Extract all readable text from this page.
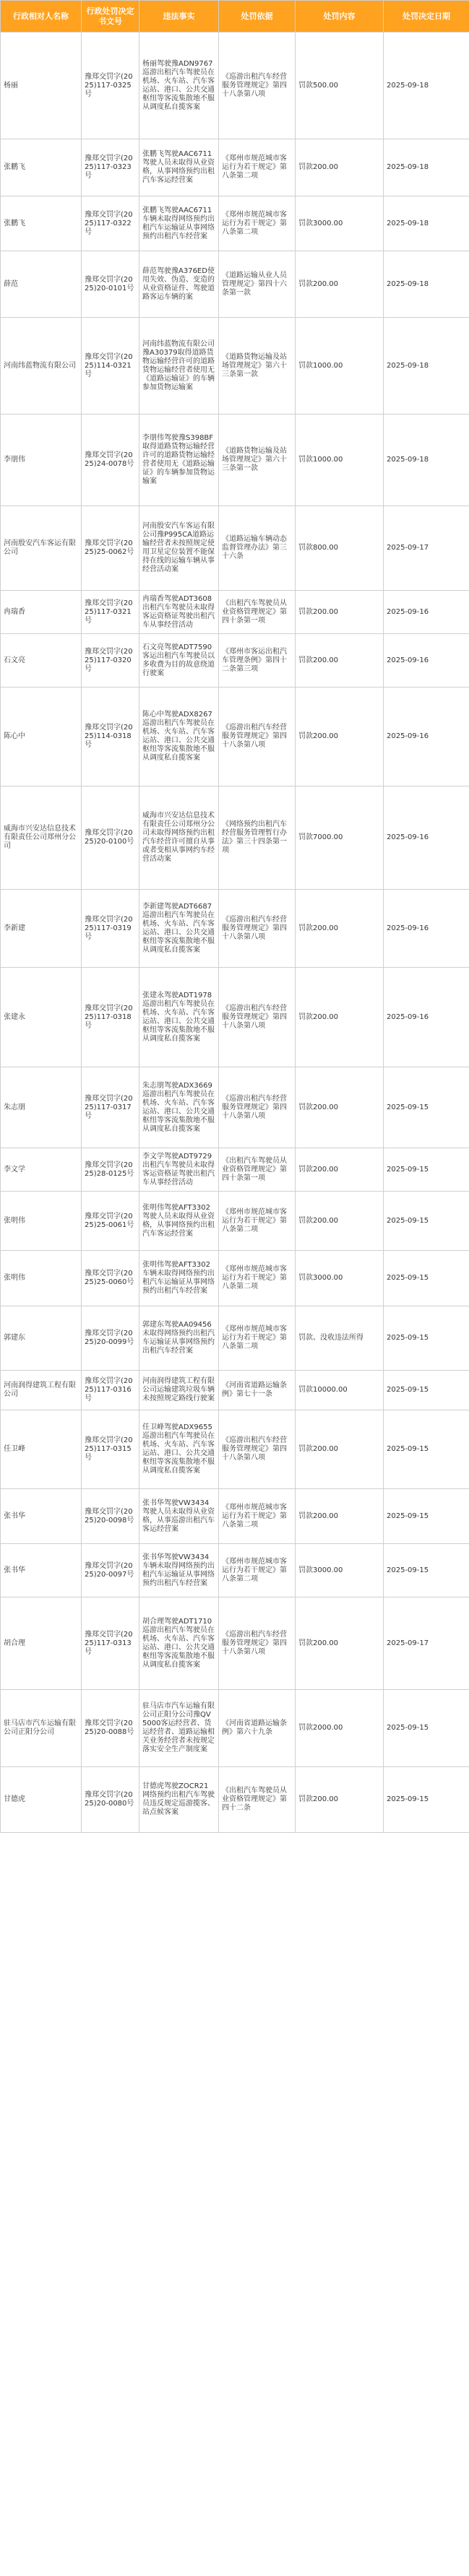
行政相对人名称	行政处罚决定书文号	违法事实	处罚依据	处罚内容	处罚决定日期
杨丽	豫郑交罚字(2025)117-0325号	杨丽驾驶豫ADN9767巡游出租汽车驾驶员在机场、火车站、汽车客运站、港口、公共交通枢纽等客流集散地不服从调度私自揽客案	《巡游出租汽车经营服务管理规定》第四十八条第八项	罚款500.00	2025-09-18
张鹏飞	豫郑交罚字(2025)117-0323号	张鹏飞驾驶AAC6711驾驶人员未取得从业资格，从事网络预约出租汽车客运经营案	《郑州市规范城市客运行为若干规定》第八条第二项	罚款200.00	2025-09-18
张鹏飞	豫郑交罚字(2025)117-0322号	张鹏飞驾驶AAC6711车辆未取得网络预约出租汽车运输证从事网络预约出租汽车经营案	《郑州市规范城市客运行为若干规定》第八条第二项	罚款3000.00	2025-09-18
薛范	豫郑交罚字(2025)20-0101号	薛范驾驶豫A376ED使用失效、伪造、变造的从业资格证件、驾驶道路客运车辆的案	《道路运输从业人员管理规定》第四十六条第一款	罚款200.00	2025-09-18
河南纬蓝物流有限公司	豫郑交罚字(2025)114-0321号	河南纬蓝物流有限公司豫A30379取得道路货物运输经营许可的道路货物运输经营者使用无《道路运输证》的车辆参加货物运输案	《道路货物运输及站场管理规定》第六十三条第一款	罚款1000.00	2025-09-18
李朋伟	豫郑交罚字(2025)24-0078号	李朋伟驾驶豫S398BF取得道路货物运输经营许可的道路货物运输经营者使用无《道路运输证》的车辆参加货物运输案	《道路货物运输及站场管理规定》第六十三条第一款	罚款1000.00	2025-09-18
河南殷安汽车客运有限公司	豫郑交罚字(2025)25-0062号	河南殷安汽车客运有限公司豫P995CA道路运输经营者未按照规定使用卫星定位装置不能保持在线的运输车辆从事经营活动案	《道路运输车辆动态监督管理办法》第三十六条	罚款800.00	2025-09-17
冉瑞香	豫郑交罚字(2025)117-0321号	冉瑞香驾驶ADT3608出租汽车驾驶员未取得客运资格证驾驶出租汽车从事经营活动	《出租汽车驾驶员从业资格管理规定》第四十条第一项	罚款200.00	2025-09-16
石文亮	豫郑交罚字(2025)117-0320号	石文亮驾驶ADT7590客运出租汽车驾驶员以多收费为目的故意绕道行驶案	《郑州市客运出租汽车管理条例》第四十二条第三项	罚款200.00	2025-09-16
陈心中	豫郑交罚字(2025)114-0318号	陈心中驾驶ADX8267巡游出租汽车驾驶员在机场、火车站、汽车客运站、港口、公共交通枢纽等客流集散地不服从调度私自揽客案	《巡游出租汽车经营服务管理规定》第四十八条第八项	罚款200.00	2025-09-16
威海市兴安达信息技术有限责任公司郑州分公司	豫郑交罚字(2025)20-0100号	威海市兴安达信息技术有限责任公司郑州分公司未取得网络预约出租汽车经营许可擅自从事或者变相从事网约车经营活动案	《网络预约出租汽车经营服务管理暂行办法》第三十四条第一项	罚款7000.00	2025-09-16
李新建	豫郑交罚字(2025)117-0319号	李新建驾驶ADT6687巡游出租汽车驾驶员在机场、火车站、汽车客运站、港口、公共交通枢纽等客流集散地不服从调度私自揽客案	《巡游出租汽车经营服务管理规定》第四十八条第八项	罚款200.00	2025-09-16
张建永	豫郑交罚字(2025)117-0318号	张建永驾驶ADT1978巡游出租汽车驾驶员在机场、火车站、汽车客运站、港口、公共交通枢纽等客流集散地不服从调度私自揽客案	《巡游出租汽车经营服务管理规定》第四十八条第八项	罚款200.00	2025-09-16
朱志朋	豫郑交罚字(2025)117-0317号	朱志朋驾驶ADX3669巡游出租汽车驾驶员在机场、火车站、汽车客运站、港口、公共交通枢纽等客流集散地不服从调度私自揽客案	《巡游出租汽车经营服务管理规定》第四十八条第八项	罚款200.00	2025-09-15
李文学	豫郑交罚字(2025)28-0125号	李文学驾驶ADT9729出租汽车驾驶员未取得客运资格证驾驶出租汽车从事经营活动	《出租汽车驾驶员从业资格管理规定》第四十条第一项	罚款200.00	2025-09-15
张明伟	豫郑交罚字(2025)25-0061号	张明伟驾驶AFT3302驾驶人员未取得从业资格，从事网络预约出租汽车客运经营案	《郑州市规范城市客运行为若干规定》第八条第二项	罚款200.00	2025-09-15
张明伟	豫郑交罚字(2025)25-0060号	张明伟驾驶AFT3302车辆未取得网络预约出租汽车运输证从事网络预约出租汽车经营案	《郑州市规范城市客运行为若干规定》第八条第二项	罚款3000.00	2025-09-15
郭建东	豫郑交罚字(2025)20-0099号	郭建东驾驶AA09456未取得网络预约出租汽车运输证从事网络预约出租汽车经营案	《郑州市规范城市客运行为若干规定》第八条第二项	罚款、没收违法所得	2025-09-15
河南润得建筑工程有限公司	豫郑交罚字(2025)117-0316号	河南润得建筑工程有限公司运输建筑垃圾车辆未按照规定路线行驶案	《河南省道路运输条例》第七十一条	罚款10000.00	2025-09-15
任卫峰	豫郑交罚字(2025)117-0315号	任卫峰驾驶ADX9655巡游出租汽车驾驶员在机场、火车站、汽车客运站、港口、公共交通枢纽等客流集散地不服从调度私自揽客案	《巡游出租汽车经营服务管理规定》第四十八条第八项	罚款200.00	2025-09-15
张书华	豫郑交罚字(2025)20-0098号	张书华驾驶VW3434驾驶人员未取得从业资格，从事巡游出租汽车客运经营案	《郑州市规范城市客运行为若干规定》第八条第二项	罚款200.00	2025-09-15
张书华	豫郑交罚字(2025)20-0097号	张书华驾驶VW3434车辆未取得网络预约出租汽车运输证从事网络预约出租汽车经营案	《郑州市规范城市客运行为若干规定》第八条第二项	罚款3000.00	2025-09-15
胡合理	豫郑交罚字(2025)117-0313号	胡合理驾驶ADT1710巡游出租汽车驾驶员在机场、火车站、汽车客运站、港口、公共交通枢纽等客流集散地不服从调度私自揽客案	《巡游出租汽车经营服务管理规定》第四十八条第八项	罚款200.00	2025-09-17
驻马店市汽车运输有限公司正阳分公司	豫郑交罚字(2025)20-0088号	驻马店市汽车运输有限公司正阳分公司豫QV5000客运经营者、货运经营者、道路运输相关业务经营者未按规定落实安全生产制度案	《河南省道路运输条例》第六十九条	罚款2000.00	2025-09-15
甘德虎	豫郑交罚字(2025)20-0080号	甘德虎驾驶ZOCR21网络预约出租汽车驾驶员违反规定巡游揽客、站点候客案	《出租汽车驾驶员从业资格管理规定》第四十二条	罚款200.00	2025-09-15
